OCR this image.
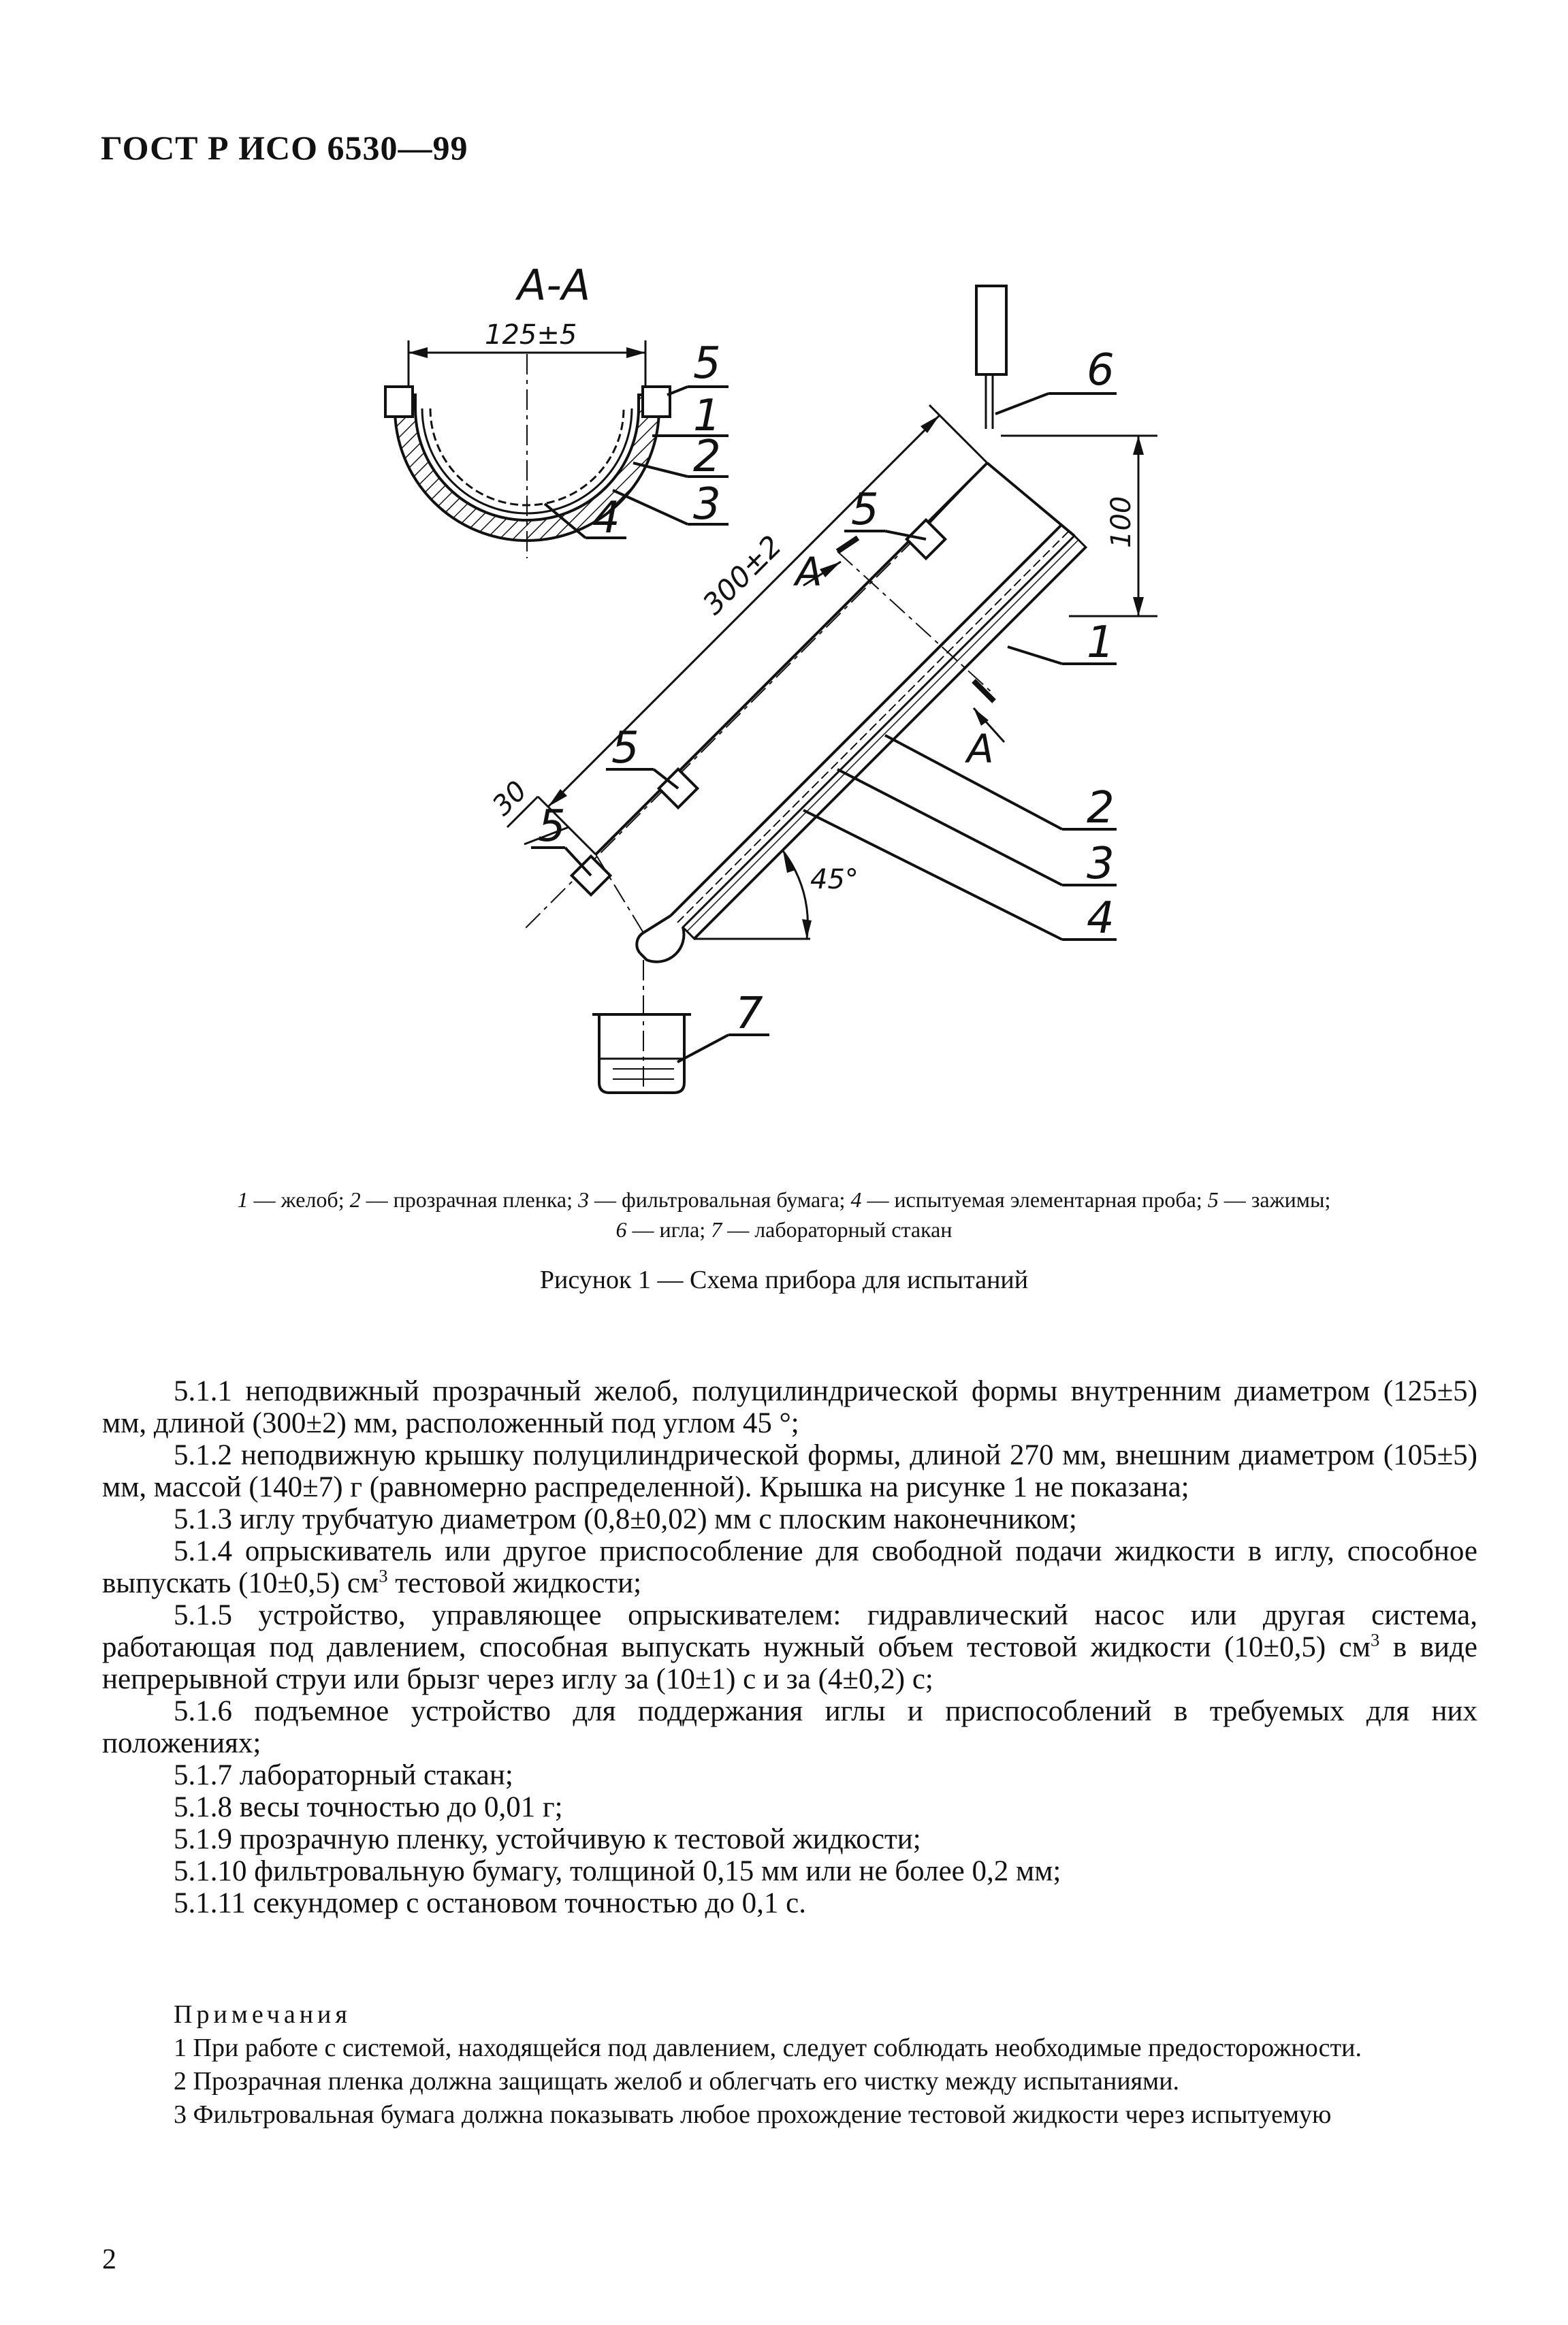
ГОСТ Р ИСО 6530—99
А-А
125±5
5
1
2
3
4
6
100
300±2
30
А
А
5
5
5
1
2
3
4
45°
7
1 — желоб; 2 — прозрачная пленка; 3 — фильтровальная бумага; 4 — испытуемая элементарная проба; 5 — зажимы;
6 — игла; 7 — лабораторный стакан
Рисунок 1 — Схема прибора для испытаний

5.1.1 неподвижный прозрачный желоб, полуцилиндрической формы внутренним диаметром (125±5) мм, длиной (300±2) мм, расположенный под углом 45 °;

5.1.2 неподвижную крышку полуцилиндрической формы, длиной 270 мм, внешним диаметром (105±5) мм, массой (140±7) г (равномерно распределенной). Крышка на рисунке 1 не показана;

5.1.3 иглу трубчатую диаметром (0,8±0,02) мм с плоским наконечником;

5.1.4 опрыскиватель или другое приспособление для свободной подачи жидкости в иглу, способное выпускать (10±0,5) $см^3$ тестовой жидкости;

5.1.5 устройство, управляющее опрыскивателем: гидравлический насос или другая система, работающая под давлением, способная выпускать нужный объем тестовой жидкости (10±0,5) $см^3$ в виде непрерывной струи или брызг через иглу за (10±1) с и за (4±0,2) с;

5.1.6 подъемное устройство для поддержания иглы и приспособлений в требуемых для них положениях;

5.1.7 лабораторный стакан;

5.1.8 весы точностью до 0,01 г;

5.1.9 прозрачную пленку, устойчивую к тестовой жидкости;

5.1.10 фильтровальную бумагу, толщиной 0,15 мм или не более 0,2 мм;

5.1.11 секундомер с остановом точностью до 0,1 с.

Примечания

1 При работе с системой, находящейся под давлением, следует соблюдать необходимые предосторожности.

2 Прозрачная пленка должна защищать желоб и облегчать его чистку между испытаниями.

3 Фильтровальная бумага должна показывать любое прохождение тестовой жидкости через испытуемую

2
